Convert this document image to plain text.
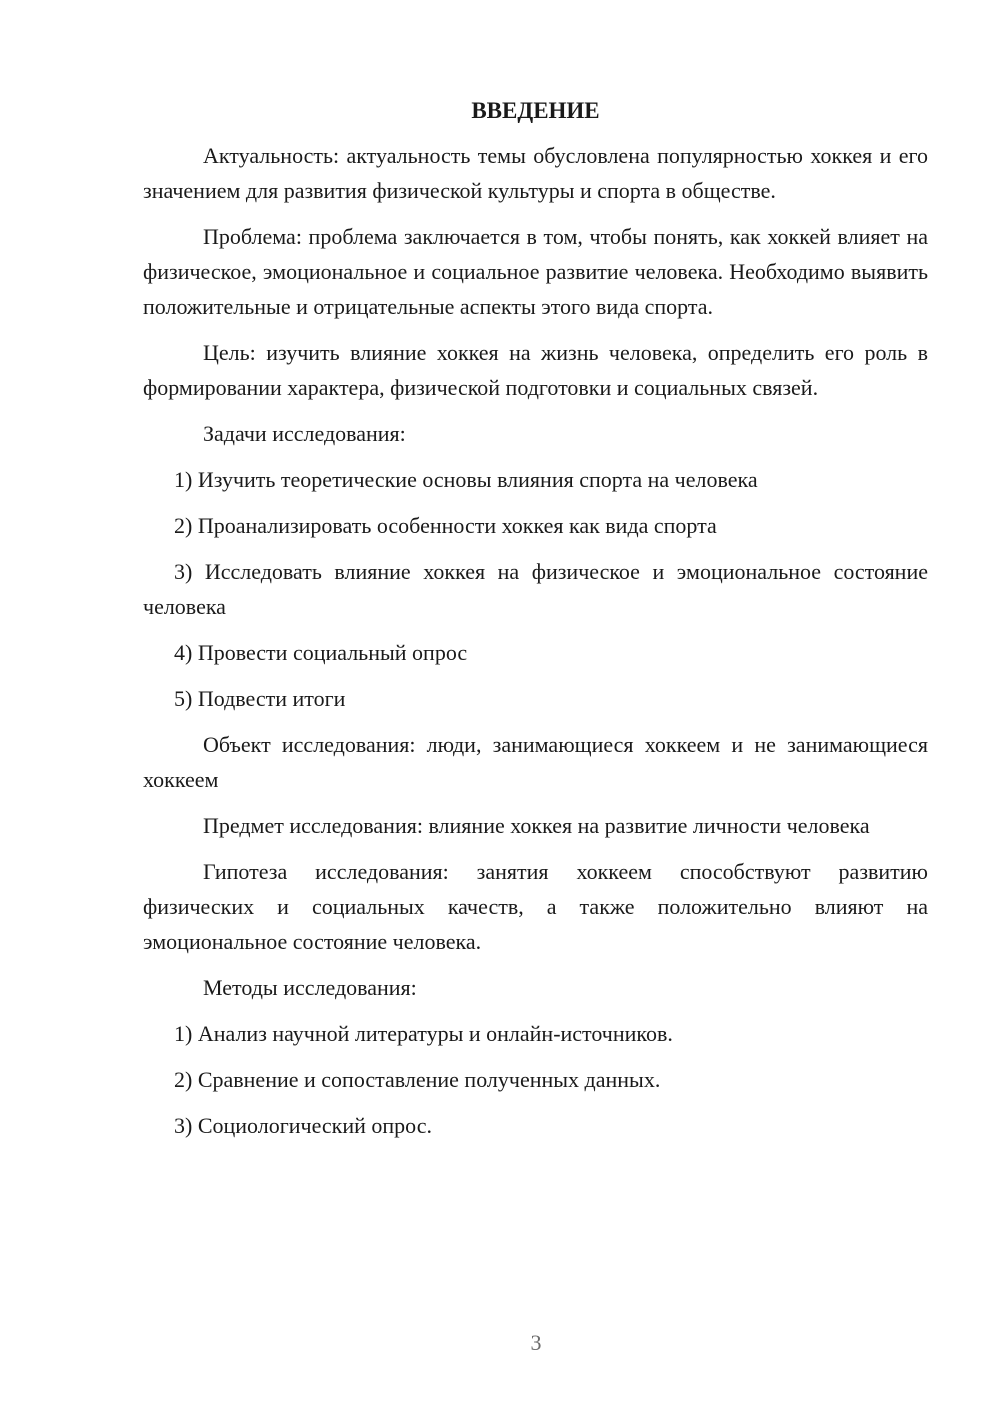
ВВЕДЕНИЕ

Актуальность: актуальность темы обусловлена популярностью хоккея и его значением для развития физической культуры и спорта в обществе.

Проблема: проблема заключается в том, чтобы понять, как хоккей влияет на физическое, эмоциональное и социальное развитие человека. Необходимо выявить положительные и отрицательные аспекты этого вида спорта.

Цель: изучить влияние хоккея на жизнь человека, определить его роль в формировании характера, физической подготовки и социальных связей.

Задачи исследования:

1) Изучить теоретические основы влияния спорта на человека

2) Проанализировать особенности хоккея как вида спорта

3) Исследовать влияние хоккея на физическое и эмоциональное состояние человека

4) Провести социальный опрос

5) Подвести итоги

Объект исследования: люди, занимающиеся хоккеем и не занимающиеся хоккеем

Предмет исследования: влияние хоккея на развитие личности человека

Гипотеза исследования: занятия хоккеем способствуют развитию физических и социальных качеств, а также положительно влияют на эмоциональное состояние человека.

Методы исследования:

1) Анализ научной литературы и онлайн-источников.

2) Сравнение и сопоставление полученных данных.

3) Социологический опрос.

3
